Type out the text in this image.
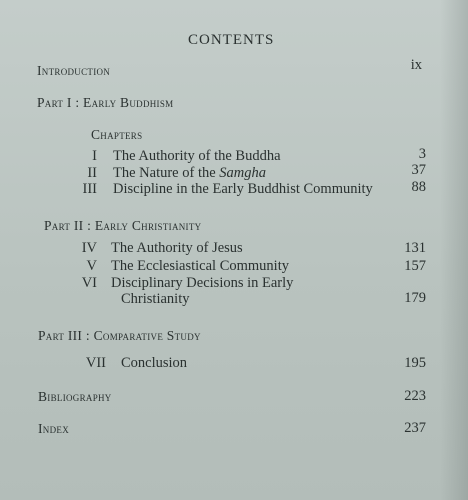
CONTENTS
Introduction	ix
Part I : Early Buddhism
Chapters
I The Authority of the Buddha	3
II The Nature of the Samgha	37
III Discipline in the Early Buddhist Community	88
Part II : Early Christianity
IV The Authority of Jesus	131
V The Ecclesiastical Community	157
VI Disciplinary Decisions in Early
Christianity	179
Part III : Comparative Study
VII Conclusion	195
Bibliography	223
Index	237
